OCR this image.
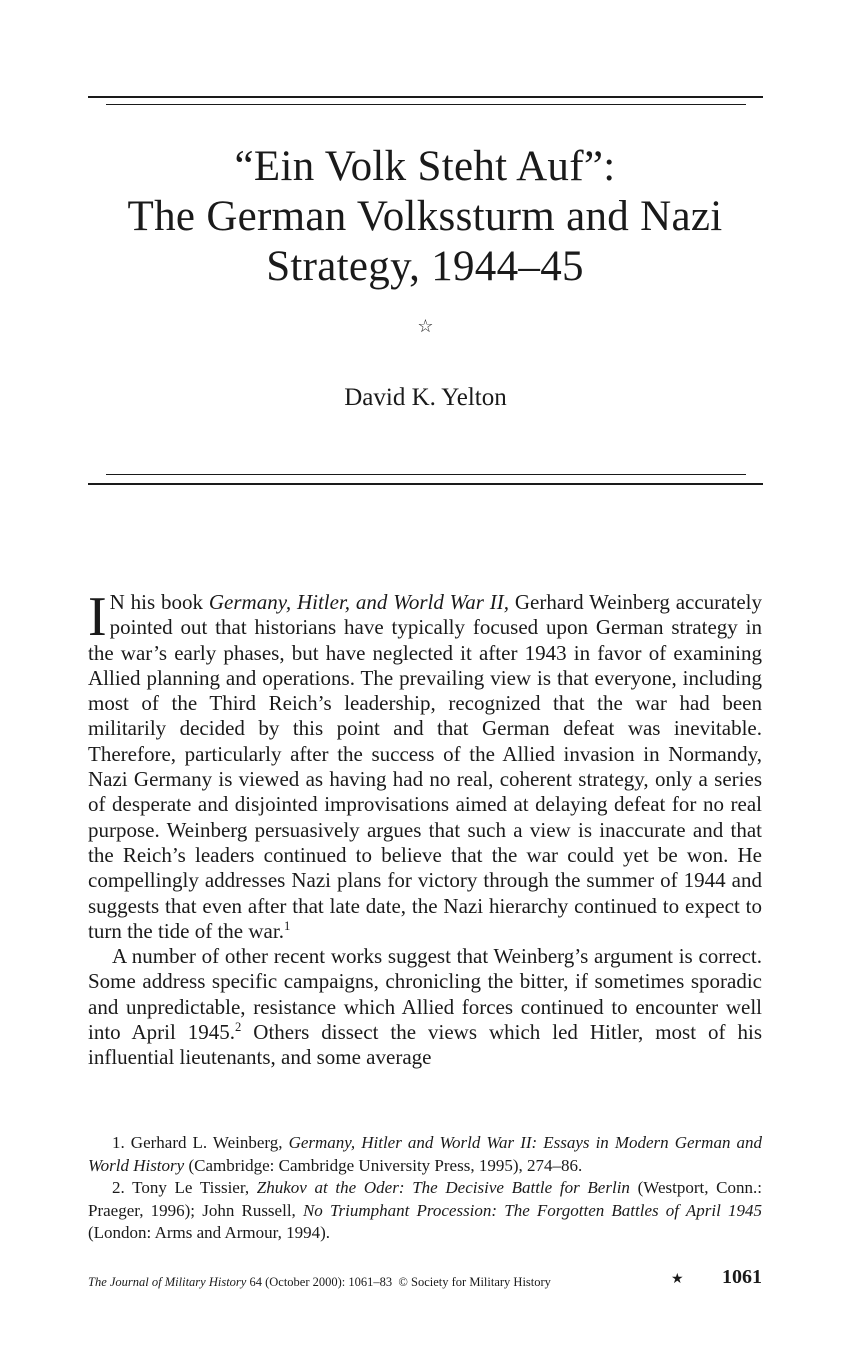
“Ein Volk Steht Auf”:
The German Volkssturm and Nazi
Strategy, 1944–45
☆
David K. Yelton

I N his book Germany, Hitler, and World War II, Gerhard Weinberg accurately pointed out that historians have typically focused upon German strategy in the war’s early phases, but have neglected it after 1943 in favor of examining Allied planning and operations. The prevailing view is that everyone, including most of the Third Reich’s leadership, recognized that the war had been militarily decided by this point and that German defeat was inevitable. Therefore, particularly after the success of the Allied invasion in Normandy, Nazi Germany is viewed as having had no real, coherent strategy, only a series of desperate and disjointed improvisations aimed at delaying defeat for no real purpose. Weinberg persuasively argues that such a view is inaccurate and that the Reich’s leaders continued to believe that the war could yet be won. He compellingly addresses Nazi plans for victory through the summer of 1944 and suggests that even after that late date, the Nazi hierarchy continued to expect to turn the tide of the war.$^1$

A number of other recent works suggest that Weinberg’s argument is correct. Some address specific campaigns, chronicling the bitter, if sometimes sporadic and unpredictable, resistance which Allied forces continued to encounter well into April 1945.$^2$ Others dissect the views which led Hitler, most of his influential lieutenants, and some average

1. Gerhard L. Weinberg, Germany, Hitler and World War II: Essays in Modern German and World History (Cambridge: Cambridge University Press, 1995), 274–86.

2. Tony Le Tissier, Zhukov at the Oder: The Decisive Battle for Berlin (Westport, Conn.: Praeger, 1996); John Russell, No Triumphant Procession: The Forgotten Battles of April 1945 (London: Arms and Armour, 1994).

The Journal of Military History 64 (October 2000): 1061–83  © Society for Military History	★ 1061
